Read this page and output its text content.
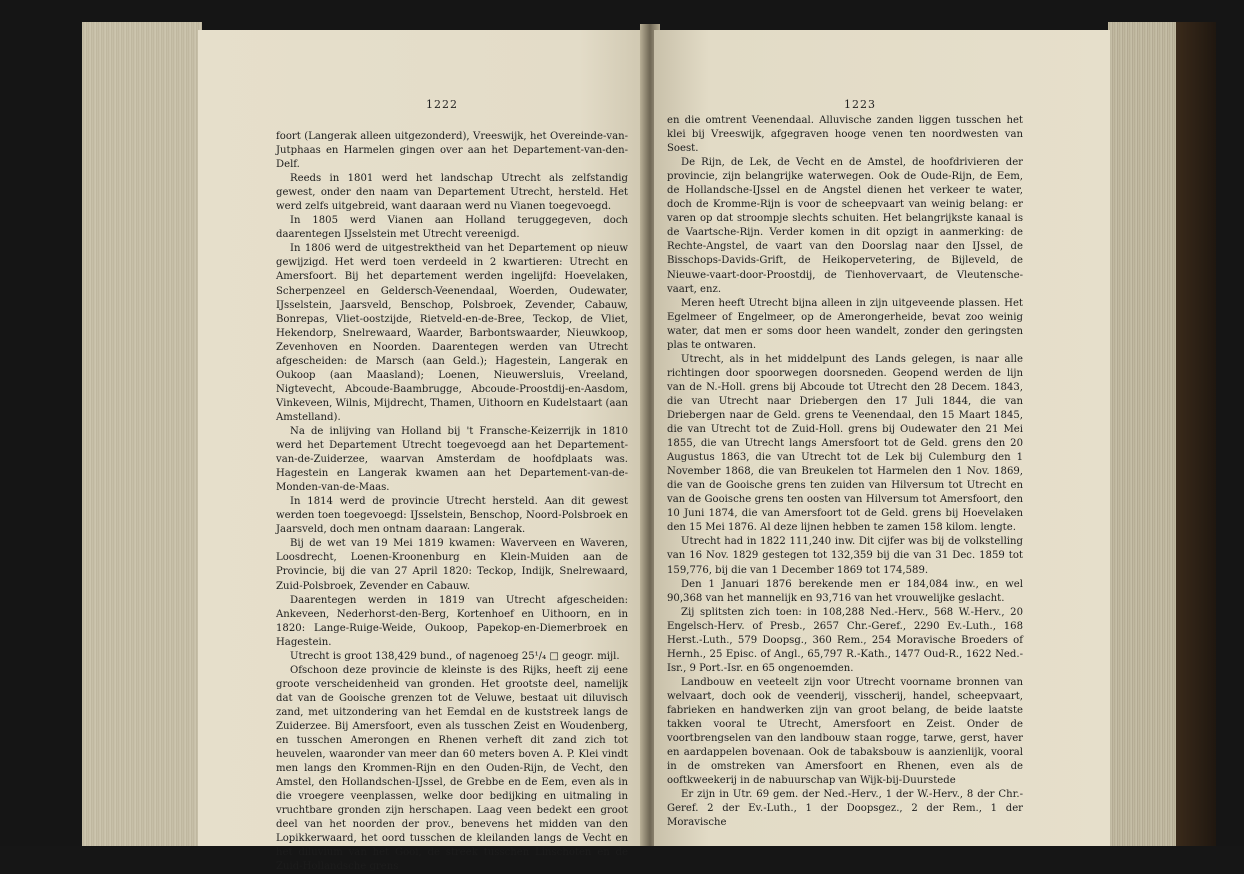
1222

foort (Langerak alleen uitgezonderd), Vreeswijk, het Overeinde-van-Jutphaas en Harmelen gingen over aan het Departement-van-den-Delf.

Reeds in 1801 werd het landschap Utrecht als zelfstandig gewest, onder den naam van Departement Utrecht, hersteld. Het werd zelfs uitgebreid, want daaraan werd nu Vianen toegevoegd.

In 1805 werd Vianen aan Holland teruggegeven, doch daarentegen IJsselstein met Utrecht vereenigd.

In 1806 werd de uitgestrektheid van het Departement op nieuw gewijzigd. Het werd toen verdeeld in 2 kwartieren: Utrecht en Amersfoort. Bij het departement werden ingelijfd: Hoevelaken, Scherpenzeel en Geldersch-Veenendaal, Woerden, Oudewater, IJsselstein, Jaarsveld, Benschop, Polsbroek, Zevender, Cabauw, Bonrepas, Vliet-oostzijde, Rietveld-en-de-Bree, Teckop, de Vliet, Hekendorp, Snelrewaard, Waarder, Barbontswaarder, Nieuwkoop, Zevenhoven en Noorden. Daarentegen werden van Utrecht afgescheiden: de Marsch (aan Geld.); Hagestein, Langerak en Oukoop (aan Maasland); Loenen, Nieuwersluis, Vreeland, Nigtevecht, Abcoude-Baambrugge, Abcoude-Proostdij-en-Aasdom, Vinkeveen, Wilnis, Mijdrecht, Thamen, Uithoorn en Kudelstaart (aan Amstelland).

Na de inlijving van Holland bij 't Fransche-Keizerrijk in 1810 werd het Departement Utrecht toegevoegd aan het Departement-van-de-Zuiderzee, waarvan Amsterdam de hoofdplaats was. Hagestein en Langerak kwamen aan het Departement-van-de-Monden-van-de-Maas.

In 1814 werd de provincie Utrecht hersteld. Aan dit gewest werden toen toegevoegd: IJsselstein, Benschop, Noord-Polsbroek en Jaarsveld, doch men ontnam daaraan: Langerak.

Bij de wet van 19 Mei 1819 kwamen: Waverveen en Waveren, Loosdrecht, Loenen-Kroonenburg en Klein-Muiden aan de Provincie, bij die van 27 April 1820: Teckop, Indijk, Snelrewaard, Zuid-Polsbroek, Zevender en Cabauw.

Daarentegen werden in 1819 van Utrecht afgescheiden: Ankeveen, Nederhorst-den-Berg, Kortenhoef en Uithoorn, en in 1820: Lange-Ruige-Weide, Oukoop, Papekop-en-Diemerbroek en Hagestein.

Utrecht is groot 138,429 bund., of nagenoeg 25¹/₄ □ geogr. mijl.

Ofschoon deze provincie de kleinste is des Rijks, heeft zij eene groote verscheidenheid van gronden. Het grootste deel, namelijk dat van de Gooische grenzen tot de Veluwe, bestaat uit diluvisch zand, met uitzondering van het Eemdal en de kuststreek langs de Zuiderzee. Bij Amersfoort, even als tusschen Zeist en Woudenberg, en tusschen Amerongen en Rhenen verheft dit zand zich tot heuvelen, waaronder van meer dan 60 meters boven A. P. Klei vindt men langs den Krommen-Rijn en den Ouden-Rijn, de Vecht, den Amstel, den Hollandschen-IJssel, de Grebbe en de Eem, even als in die vroegere veenplassen, welke door bedijking en uitmaling in vruchtbare gronden zijn herschapen. Laag veen bedekt een groot deel van het noorden der prov., benevens het midden van den Lopikkerwaard, het oord tusschen de kleilanden langs de Vecht en het diluvium van het Gooi, de streek tusschen Linschoten en de Zuid-Hollandsche grens

1223

en die omtrent Veenendaal. Alluvische zanden liggen tusschen het klei bij Vreeswijk, afgegraven hooge venen ten noordwesten van Soest.

De Rijn, de Lek, de Vecht en de Amstel, de hoofdrivieren der provincie, zijn belangrijke waterwegen. Ook de Oude-Rijn, de Eem, de Hollandsche-IJssel en de Angstel dienen het verkeer te water, doch de Kromme-Rijn is voor de scheepvaart van weinig belang: er varen op dat stroompje slechts schuiten. Het belangrijkste kanaal is de Vaartsche-Rijn. Verder komen in dit opzigt in aanmerking: de Rechte-Angstel, de vaart van den Doorslag naar den IJssel, de Bisschops-Davids-Grift, de Heikopervetering, de Bijleveld, de Nieuwe-vaart-door-Proostdij, de Tienhovervaart, de Vleutensche-vaart, enz.

Meren heeft Utrecht bijna alleen in zijn uitgeveende plassen. Het Egelmeer of Engelmeer, op de Amerongerheide, bevat zoo weinig water, dat men er soms door heen wandelt, zonder den geringsten plas te ontwaren.

Utrecht, als in het middelpunt des Lands gelegen, is naar alle richtingen door spoorwegen doorsneden. Geopend werden de lijn van de N.-Holl. grens bij Abcoude tot Utrecht den 28 Decem. 1843, die van Utrecht naar Driebergen den 17 Juli 1844, die van Driebergen naar de Geld. grens te Veenendaal, den 15 Maart 1845, die van Utrecht tot de Zuid-Holl. grens bij Oudewater den 21 Mei 1855, die van Utrecht langs Amersfoort tot de Geld. grens den 20 Augustus 1863, die van Utrecht tot de Lek bij Culemburg den 1 November 1868, die van Breukelen tot Harmelen den 1 Nov. 1869, die van de Gooische grens ten zuiden van Hilversum tot Utrecht en van de Gooische grens ten oosten van Hilversum tot Amersfoort, den 10 Juni 1874, die van Amersfoort tot de Geld. grens bij Hoevelaken den 15 Mei 1876. Al deze lijnen hebben te zamen 158 kilom. lengte.

Utrecht had in 1822 111,240 inw. Dit cijfer was bij de volkstelling van 16 Nov. 1829 gestegen tot 132,359 bij die van 31 Dec. 1859 tot 159,776, bij die van 1 December 1869 tot 174,589.

Den 1 Januari 1876 berekende men er 184,084 inw., en wel 90,368 van het mannelijk en 93,716 van het vrouwelijke geslacht.

Zij splitsten zich toen: in 108,288 Ned.-Herv., 568 W.-Herv., 20 Engelsch-Herv. of Presb., 2657 Chr.-Geref., 2290 Ev.-Luth., 168 Herst.-Luth., 579 Doopsg., 360 Rem., 254 Moravische Broeders of Hernh., 25 Episc. of Angl., 65,797 R.-Kath., 1477 Oud-R., 1622 Ned.-Isr., 9 Port.-Isr. en 65 ongenoemden.

Landbouw en veeteelt zijn voor Utrecht voorname bronnen van welvaart, doch ook de veenderij, visscherij, handel, scheepvaart, fabrieken en handwerken zijn van groot belang, de beide laatste takken vooral te Utrecht, Amersfoort en Zeist. Onder de voortbrengselen van den landbouw staan rogge, tarwe, gerst, haver en aardappelen bovenaan. Ook de tabaksbouw is aanzienlijk, vooral in de omstreken van Amersfoort en Rhenen, even als de ooftkweekerij in de nabuurschap van Wijk-bij-Duurstede

Er zijn in Utr. 69 gem. der Ned.-Herv., 1 der W.-Herv., 8 der Chr.-Geref. 2 der Ev.-Luth., 1 der Doopsgez., 2 der Rem., 1 der Moravische
